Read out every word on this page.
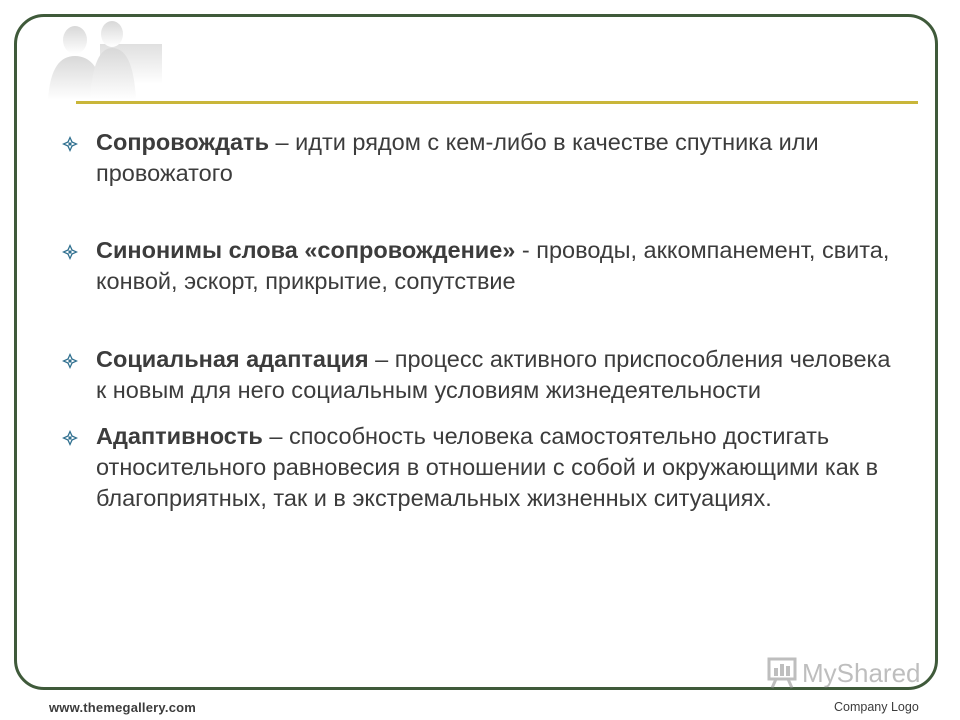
Сопровождать – идти рядом с кем-либо в качестве спутника или провожатого
Синонимы слова «сопровождение» - проводы, аккомпанемент, свита, конвой, эскорт, прикрытие, сопутствие
Социальная адаптация – процесс активного приспособления человека к новым для него социальным условиям жизнедеятельности
Адаптивность – способность человека самостоятельно достигать относительного равновесия в отношении с собой и окружающими как в благоприятных, так и в экстремальных жизненных ситуациях.
MyShared
www.themegallery.com	Company Logo
